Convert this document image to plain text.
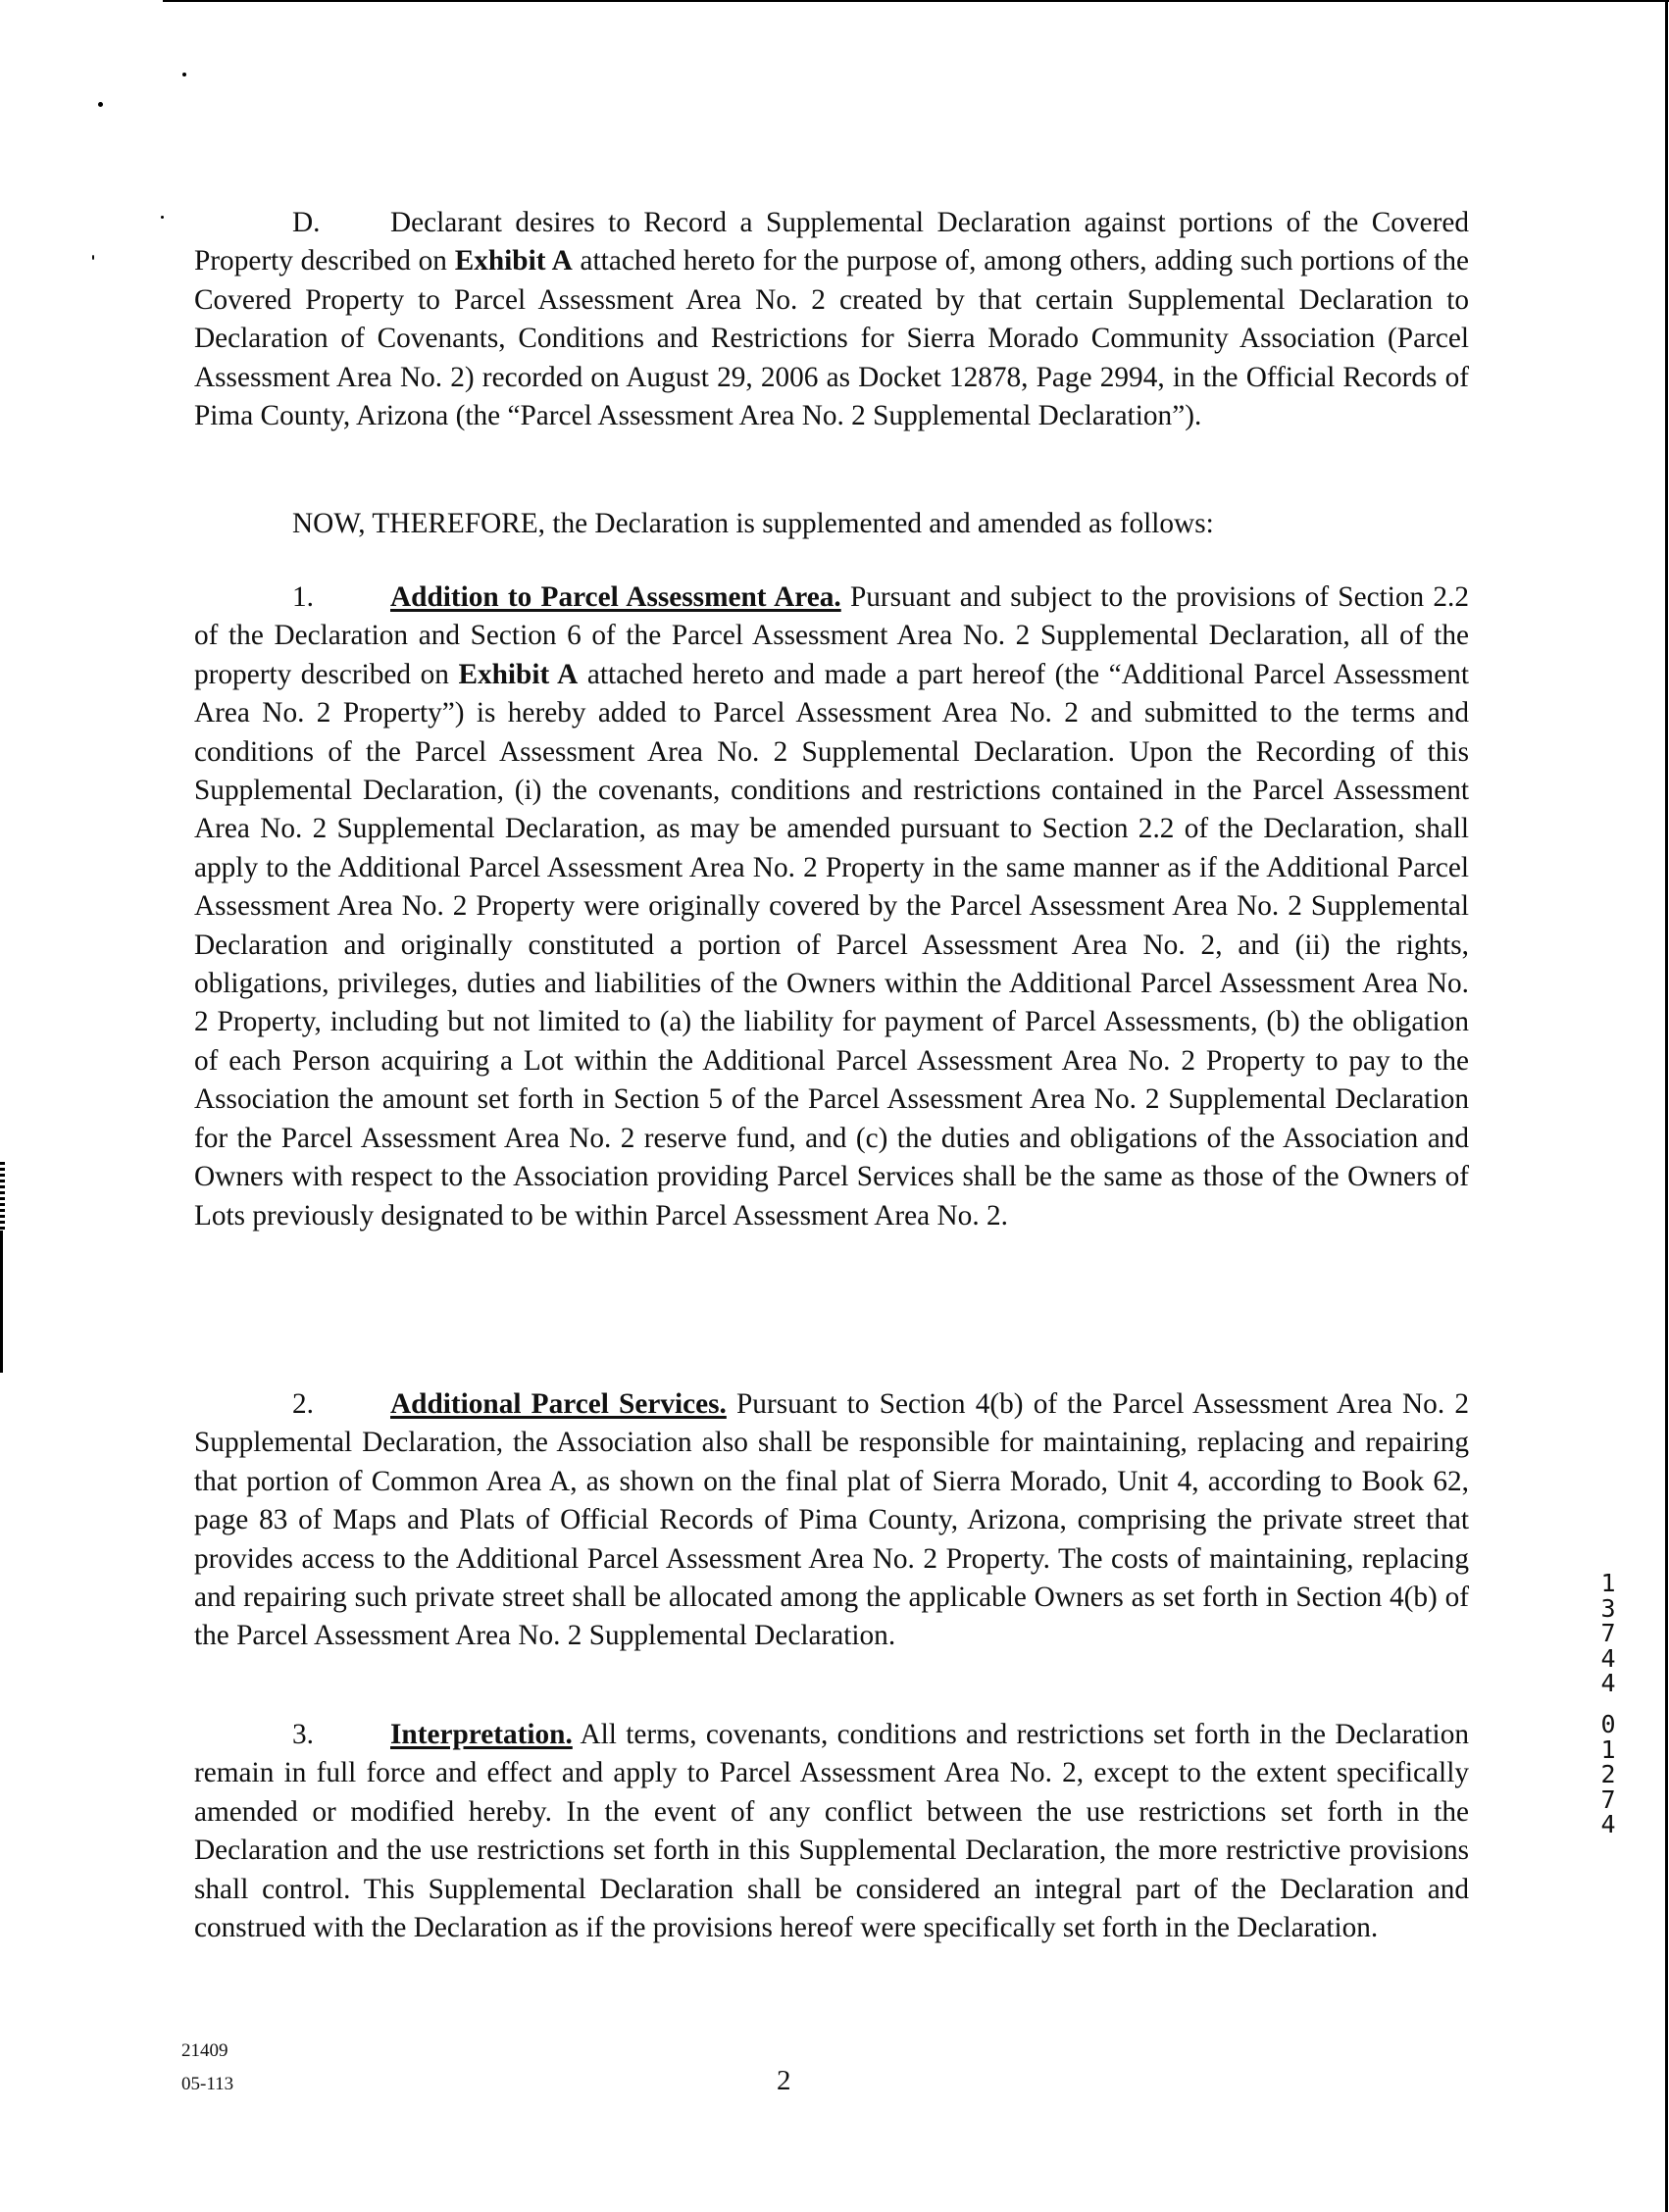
D. Declarant desires to Record a Supplemental Declaration against portions of the Covered Property described on Exhibit A attached hereto for the purpose of, among others, adding such portions of the Covered Property to Parcel Assessment Area No. 2 created by that certain Supplemental Declaration to Declaration of Covenants, Conditions and Restrictions for Sierra Morado Community Association (Parcel Assessment Area No. 2) recorded on August 29, 2006 as Docket 12878, Page 2994, in the Official Records of Pima County, Arizona (the “Parcel Assessment Area No. 2 Supplemental Declaration”).

NOW, THEREFORE, the Declaration is supplemented and amended as follows:

1.	Addition to Parcel Assessment Area. Pursuant and subject to the provisions of Section 2.2 of the Declaration and Section 6 of the Parcel Assessment Area No. 2 Supplemental Declaration, all of the property described on Exhibit A attached hereto and made a part hereof (the “Additional Parcel Assessment Area No. 2 Property”) is hereby added to Parcel Assessment Area No. 2 and submitted to the terms and conditions of the Parcel Assessment Area No. 2 Supplemental Declaration. Upon the Recording of this Supplemental Declaration, (i) the covenants, conditions and restrictions contained in the Parcel Assessment Area No. 2 Supplemental Declaration, as may be amended pursuant to Section 2.2 of the Declaration, shall apply to the Additional Parcel Assessment Area No. 2 Property in the same manner as if the Additional Parcel Assessment Area No. 2 Property were originally covered by the Parcel Assessment Area No. 2 Supplemental Declaration and originally constituted a portion of Parcel Assessment Area No. 2, and (ii) the rights, obligations, privileges, duties and liabilities of the Owners within the Additional Parcel Assessment Area No. 2 Property, including but not limited to (a) the liability for payment of Parcel Assessments, (b) the obligation of each Person acquiring a Lot within the Additional Parcel Assessment Area No. 2 Property to pay to the Association the amount set forth in Section 5 of the Parcel Assessment Area No. 2 Supplemental Declaration for the Parcel Assessment Area No. 2 reserve fund, and (c) the duties and obligations of the Association and Owners with respect to the Association providing Parcel Services shall be the same as those of the Owners of Lots previously designated to be within Parcel Assessment Area No. 2.

2.	Additional Parcel Services. Pursuant to Section 4(b) of the Parcel Assessment Area No. 2 Supplemental Declaration, the Association also shall be responsible for maintaining, replacing and repairing that portion of Common Area A, as shown on the final plat of Sierra Morado, Unit 4, according to Book 62, page 83 of Maps and Plats of Official Records of Pima County, Arizona, comprising the private street that provides access to the Additional Parcel Assessment Area No. 2 Property. The costs of maintaining, replacing and repairing such private street shall be allocated among the applicable Owners as set forth in Section 4(b) of the Parcel Assessment Area No. 2 Supplemental Declaration.

3.	Interpretation. All terms, covenants, conditions and restrictions set forth in the Declaration remain in full force and effect and apply to Parcel Assessment Area No. 2, except to the extent specifically amended or modified hereby. In the event of any conflict between the use restrictions set forth in the Declaration and the use restrictions set forth in this Supplemental Declaration, the more restrictive provisions shall control. This Supplemental Declaration shall be considered an integral part of the Declaration and construed with the Declaration as if the provisions hereof were specifically set forth in the Declaration.

1
3
7
4
4
0
1
2
7
4
21409
05-113	2
